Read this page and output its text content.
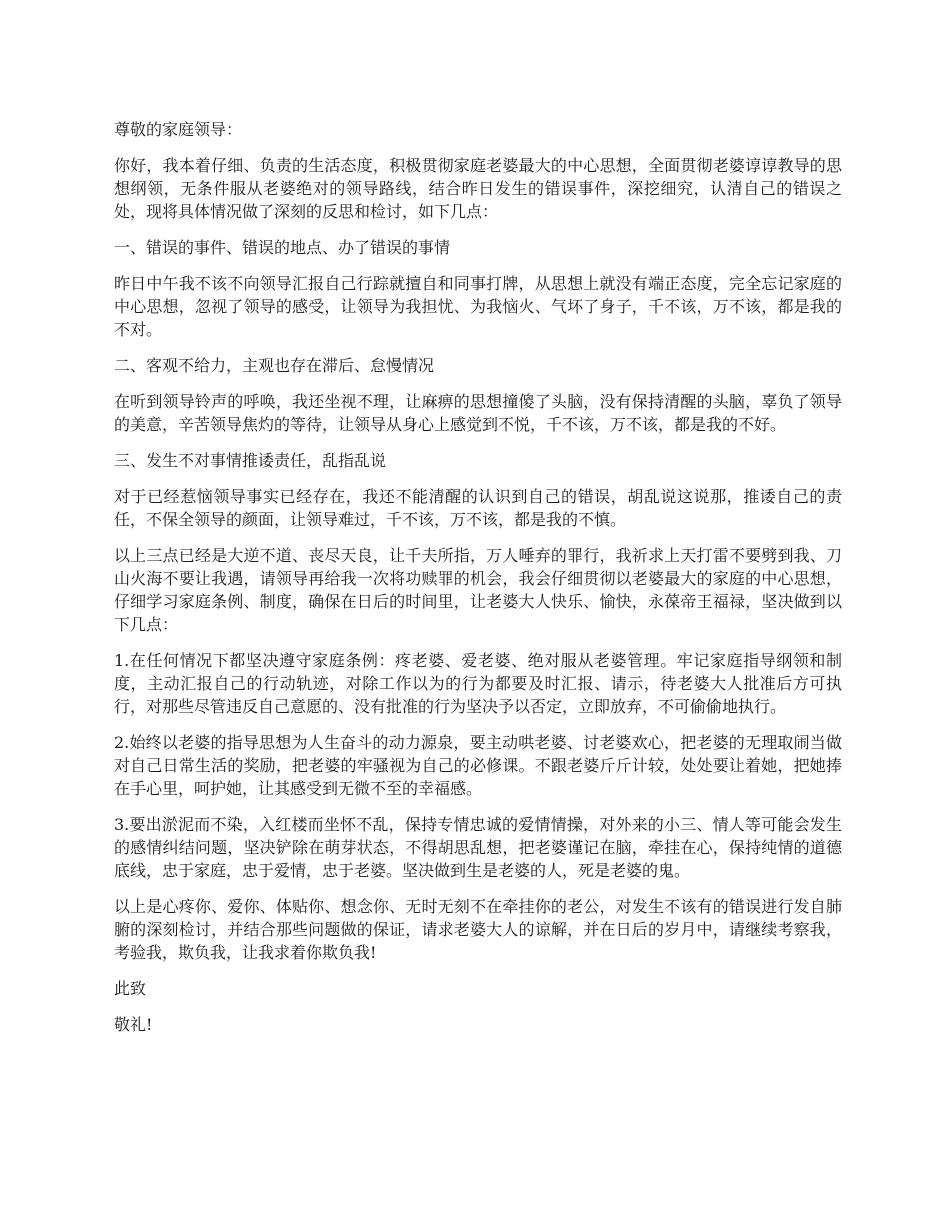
尊敬的家庭领导：

你好，我本着仔细、负责的生活态度，积极贯彻家庭老婆最大的中心思想，全面贯彻老婆谆谆教导的思想纲领，无条件服从老婆绝对的领导路线，结合昨日发生的错误事件，深挖细究，认清自己的错误之处，现将具体情况做了深刻的反思和检讨，如下几点：

一、错误的事件、错误的地点、办了错误的事情

昨日中午我不该不向领导汇报自己行踪就擅自和同事打牌，从思想上就没有端正态度，完全忘记家庭的中心思想，忽视了领导的感受，让领导为我担忧、为我恼火、气坏了身子，千不该，万不该，都是我的不对。

二、客观不给力，主观也存在滞后、怠慢情况

在听到领导铃声的呼唤，我还坐视不理，让麻痹的思想撞傻了头脑，没有保持清醒的头脑，辜负了领导的美意，辛苦领导焦灼的等待，让领导从身心上感觉到不悦，千不该，万不该，都是我的不好。

三、发生不对事情推诿责任，乱指乱说

对于已经惹恼领导事实已经存在，我还不能清醒的认识到自己的错误，胡乱说这说那，推诿自己的责任，不保全领导的颜面，让领导难过，千不该，万不该，都是我的不慎。

以上三点已经是大逆不道、丧尽天良，让千夫所指，万人唾弃的罪行，我祈求上天打雷不要劈到我、刀山火海不要让我遇，请领导再给我一次将功赎罪的机会，我会仔细贯彻以老婆最大的家庭的中心思想，仔细学习家庭条例、制度，确保在日后的时间里，让老婆大人快乐、愉快，永葆帝王福禄，坚决做到以下几点：

1.在任何情况下都坚决遵守家庭条例：疼老婆、爱老婆、绝对服从老婆管理。牢记家庭指导纲领和制度，主动汇报自己的行动轨迹，对除工作以为的行为都要及时汇报、请示，待老婆大人批准后方可执行，对那些尽管违反自己意愿的、没有批准的行为坚决予以否定，立即放弃，不可偷偷地执行。

2.始终以老婆的指导思想为人生奋斗的动力源泉，要主动哄老婆、讨老婆欢心，把老婆的无理取闹当做对自己日常生活的奖励，把老婆的牢骚视为自己的必修课。不跟老婆斤斤计较，处处要让着她，把她捧在手心里，呵护她，让其感受到无微不至的幸福感。

3.要出淤泥而不染，入红楼而坐怀不乱，保持专情忠诚的爱情情操，对外来的小三、情人等可能会发生的感情纠结问题，坚决铲除在萌芽状态，不得胡思乱想，把老婆谨记在脑，牵挂在心，保持纯情的道德底线，忠于家庭，忠于爱情，忠于老婆。坚决做到生是老婆的人，死是老婆的鬼。

以上是心疼你、爱你、体贴你、想念你、无时无刻不在牵挂你的老公，对发生不该有的错误进行发自肺腑的深刻检讨，并结合那些问题做的保证，请求老婆大人的谅解，并在日后的岁月中，请继续考察我，考验我，欺负我，让我求着你欺负我!

此致

敬礼!
